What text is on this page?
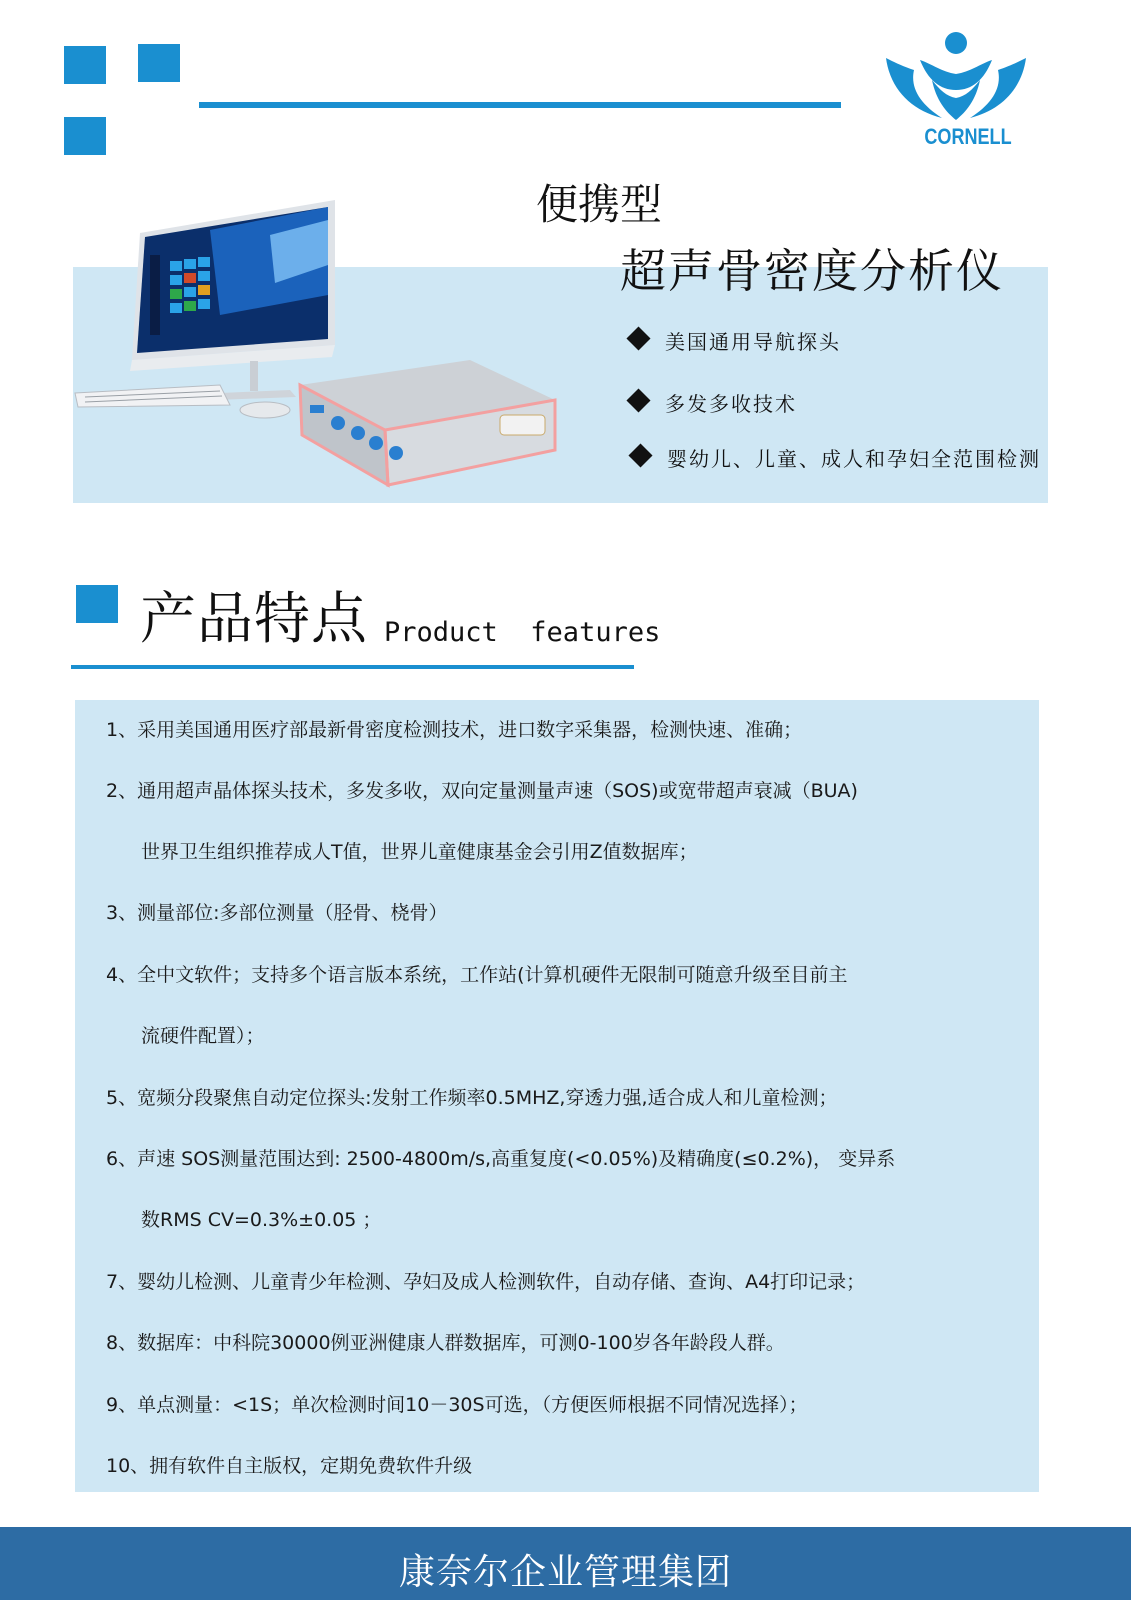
CORNELL
便携型
超声骨密度分析仪
美国通用导航探头
多发多收技术
婴幼儿、儿童、成人和孕妇全范围检测
产品特点 Product  features
1、采用美国通用医疗部最新骨密度检测技术，进口数字采集器，检测快速、准确；
2、通用超声晶体探头技术，多发多收，双向定量测量声速（SOS)或宽带超声衰减（BUA)
世界卫生组织推荐成人T值，世界儿童健康基金会引用Z值数据库；
3、测量部位:多部位测量（胫骨、桡骨）
4、全中文软件；支持多个语言版本系统，工作站(计算机硬件无限制可随意升级至目前主
流硬件配置）；
5、宽频分段聚焦自动定位探头:发射工作频率0.5MHZ,穿透力强,适合成人和儿童检测；
6、声速 SOS测量范围达到: 2500-4800m/s,高重复度(<0.05%)及精确度(≤0.2%)， 变异系
数RMS CV=0.3%±0.05 ；
7、婴幼儿检测、儿童青少年检测、孕妇及成人检测软件，自动存储、查询、A4打印记录；
8、数据库：中科院30000例亚洲健康人群数据库，可测0-100岁各年龄段人群。
9、单点测量：<1S；单次检测时间10－30S可选，（方便医师根据不同情况选择）；
10、拥有软件自主版权，定期免费软件升级
康奈尔企业管理集团
